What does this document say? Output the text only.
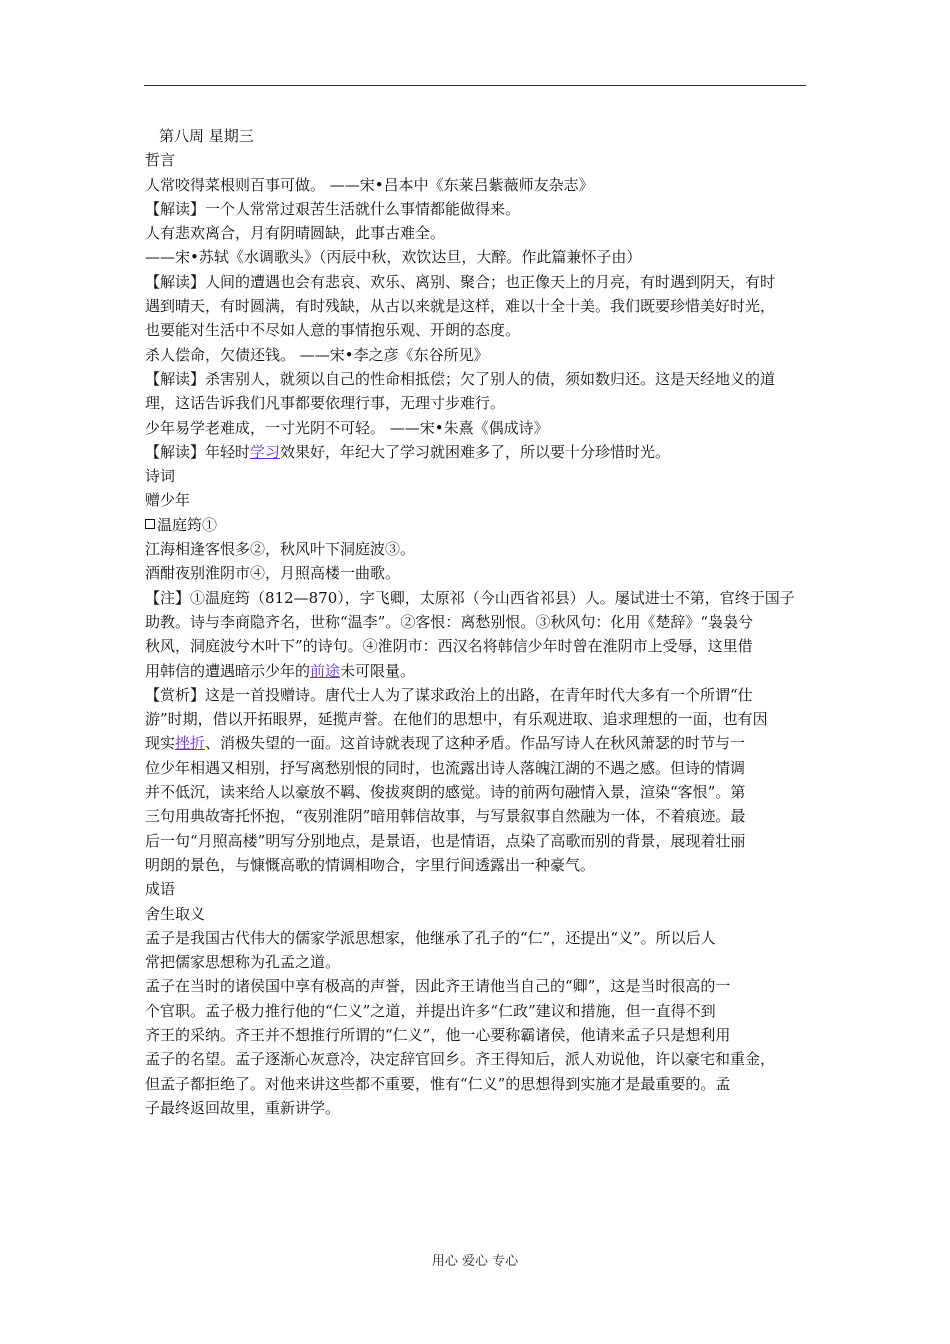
第八周 星期三
哲言
人常咬得菜根则百事可做。 ——宋•吕本中《东莱吕紫薇师友杂志》
【解读】一个人常常过艰苦生活就什么事情都能做得来。
人有悲欢离合，月有阴晴圆缺，此事古难全。
——宋•苏轼《水调歌头》（丙辰中秋，欢饮达旦，大醉。作此篇兼怀子由）
【解读】人间的遭遇也会有悲哀、欢乐、离别、聚合；也正像天上的月亮，有时遇到阴天，有时
遇到晴天，有时圆满，有时残缺，从古以来就是这样，难以十全十美。我们既要珍惜美好时光，
也要能对生活中不尽如人意的事情抱乐观、开朗的态度。
杀人偿命，欠债还钱。 ——宋•李之彦《东谷所见》
【解读】杀害别人，就须以自己的性命相抵偿；欠了别人的债，须如数归还。这是天经地义的道
理，这话告诉我们凡事都要依理行事，无理寸步难行。
少年易学老难成，一寸光阴不可轻。 ——宋•朱熹《偶成诗》
【解读】年轻时学习效果好，年纪大了学习就困难多了，所以要十分珍惜时光。
诗词
赠少年
温庭筠①
江海相逢客恨多②，秋风叶下洞庭波③。
酒酣夜别淮阴市④，月照高楼一曲歌。
【注】①温庭筠（812—870），字飞卿，太原祁（今山西省祁县）人。屡试进士不第，官终于国子
助教。诗与李商隐齐名，世称“温李”。②客恨：离愁别恨。③秋风句：化用《楚辞》“袅袅兮
秋风，洞庭波兮木叶下”的诗句。④淮阴市：西汉名将韩信少年时曾在淮阴市上受辱，这里借
用韩信的遭遇暗示少年的前途未可限量。
【赏析】这是一首投赠诗。唐代士人为了谋求政治上的出路，在青年时代大多有一个所谓“仕
游”时期，借以开拓眼界，延揽声誉。在他们的思想中，有乐观进取、追求理想的一面，也有因
现实挫折、消极失望的一面。这首诗就表现了这种矛盾。作品写诗人在秋风萧瑟的时节与一
位少年相遇又相别，抒写离愁别恨的同时，也流露出诗人落魄江湖的不遇之感。但诗的情调
并不低沉，读来给人以豪放不羁、俊拔爽朗的感觉。诗的前两句融情入景，渲染“客恨”。第
三句用典故寄托怀抱，“夜别淮阴”暗用韩信故事，与写景叙事自然融为一体，不着痕迹。最
后一句“月照高楼”明写分别地点，是景语，也是情语，点染了高歌而别的背景，展现着壮丽
明朗的景色，与慷慨高歌的情调相吻合，字里行间透露出一种豪气。
成语
舍生取义
孟子是我国古代伟大的儒家学派思想家，他继承了孔子的“仁”，还提出“义”。所以后人
常把儒家思想称为孔孟之道。
孟子在当时的诸侯国中享有极高的声誉，因此齐王请他当自己的“卿”，这是当时很高的一
个官职。孟子极力推行他的“仁义”之道，并提出许多“仁政”建议和措施，但一直得不到
齐王的采纳。齐王并不想推行所谓的“仁义”，他一心要称霸诸侯，他请来孟子只是想利用
孟子的名望。孟子逐渐心灰意冷，决定辞官回乡。齐王得知后，派人劝说他，许以豪宅和重金，
但孟子都拒绝了。对他来讲这些都不重要，惟有“仁义”的思想得到实施才是最重要的。孟
子最终返回故里，重新讲学。
用心 爱心 专心
